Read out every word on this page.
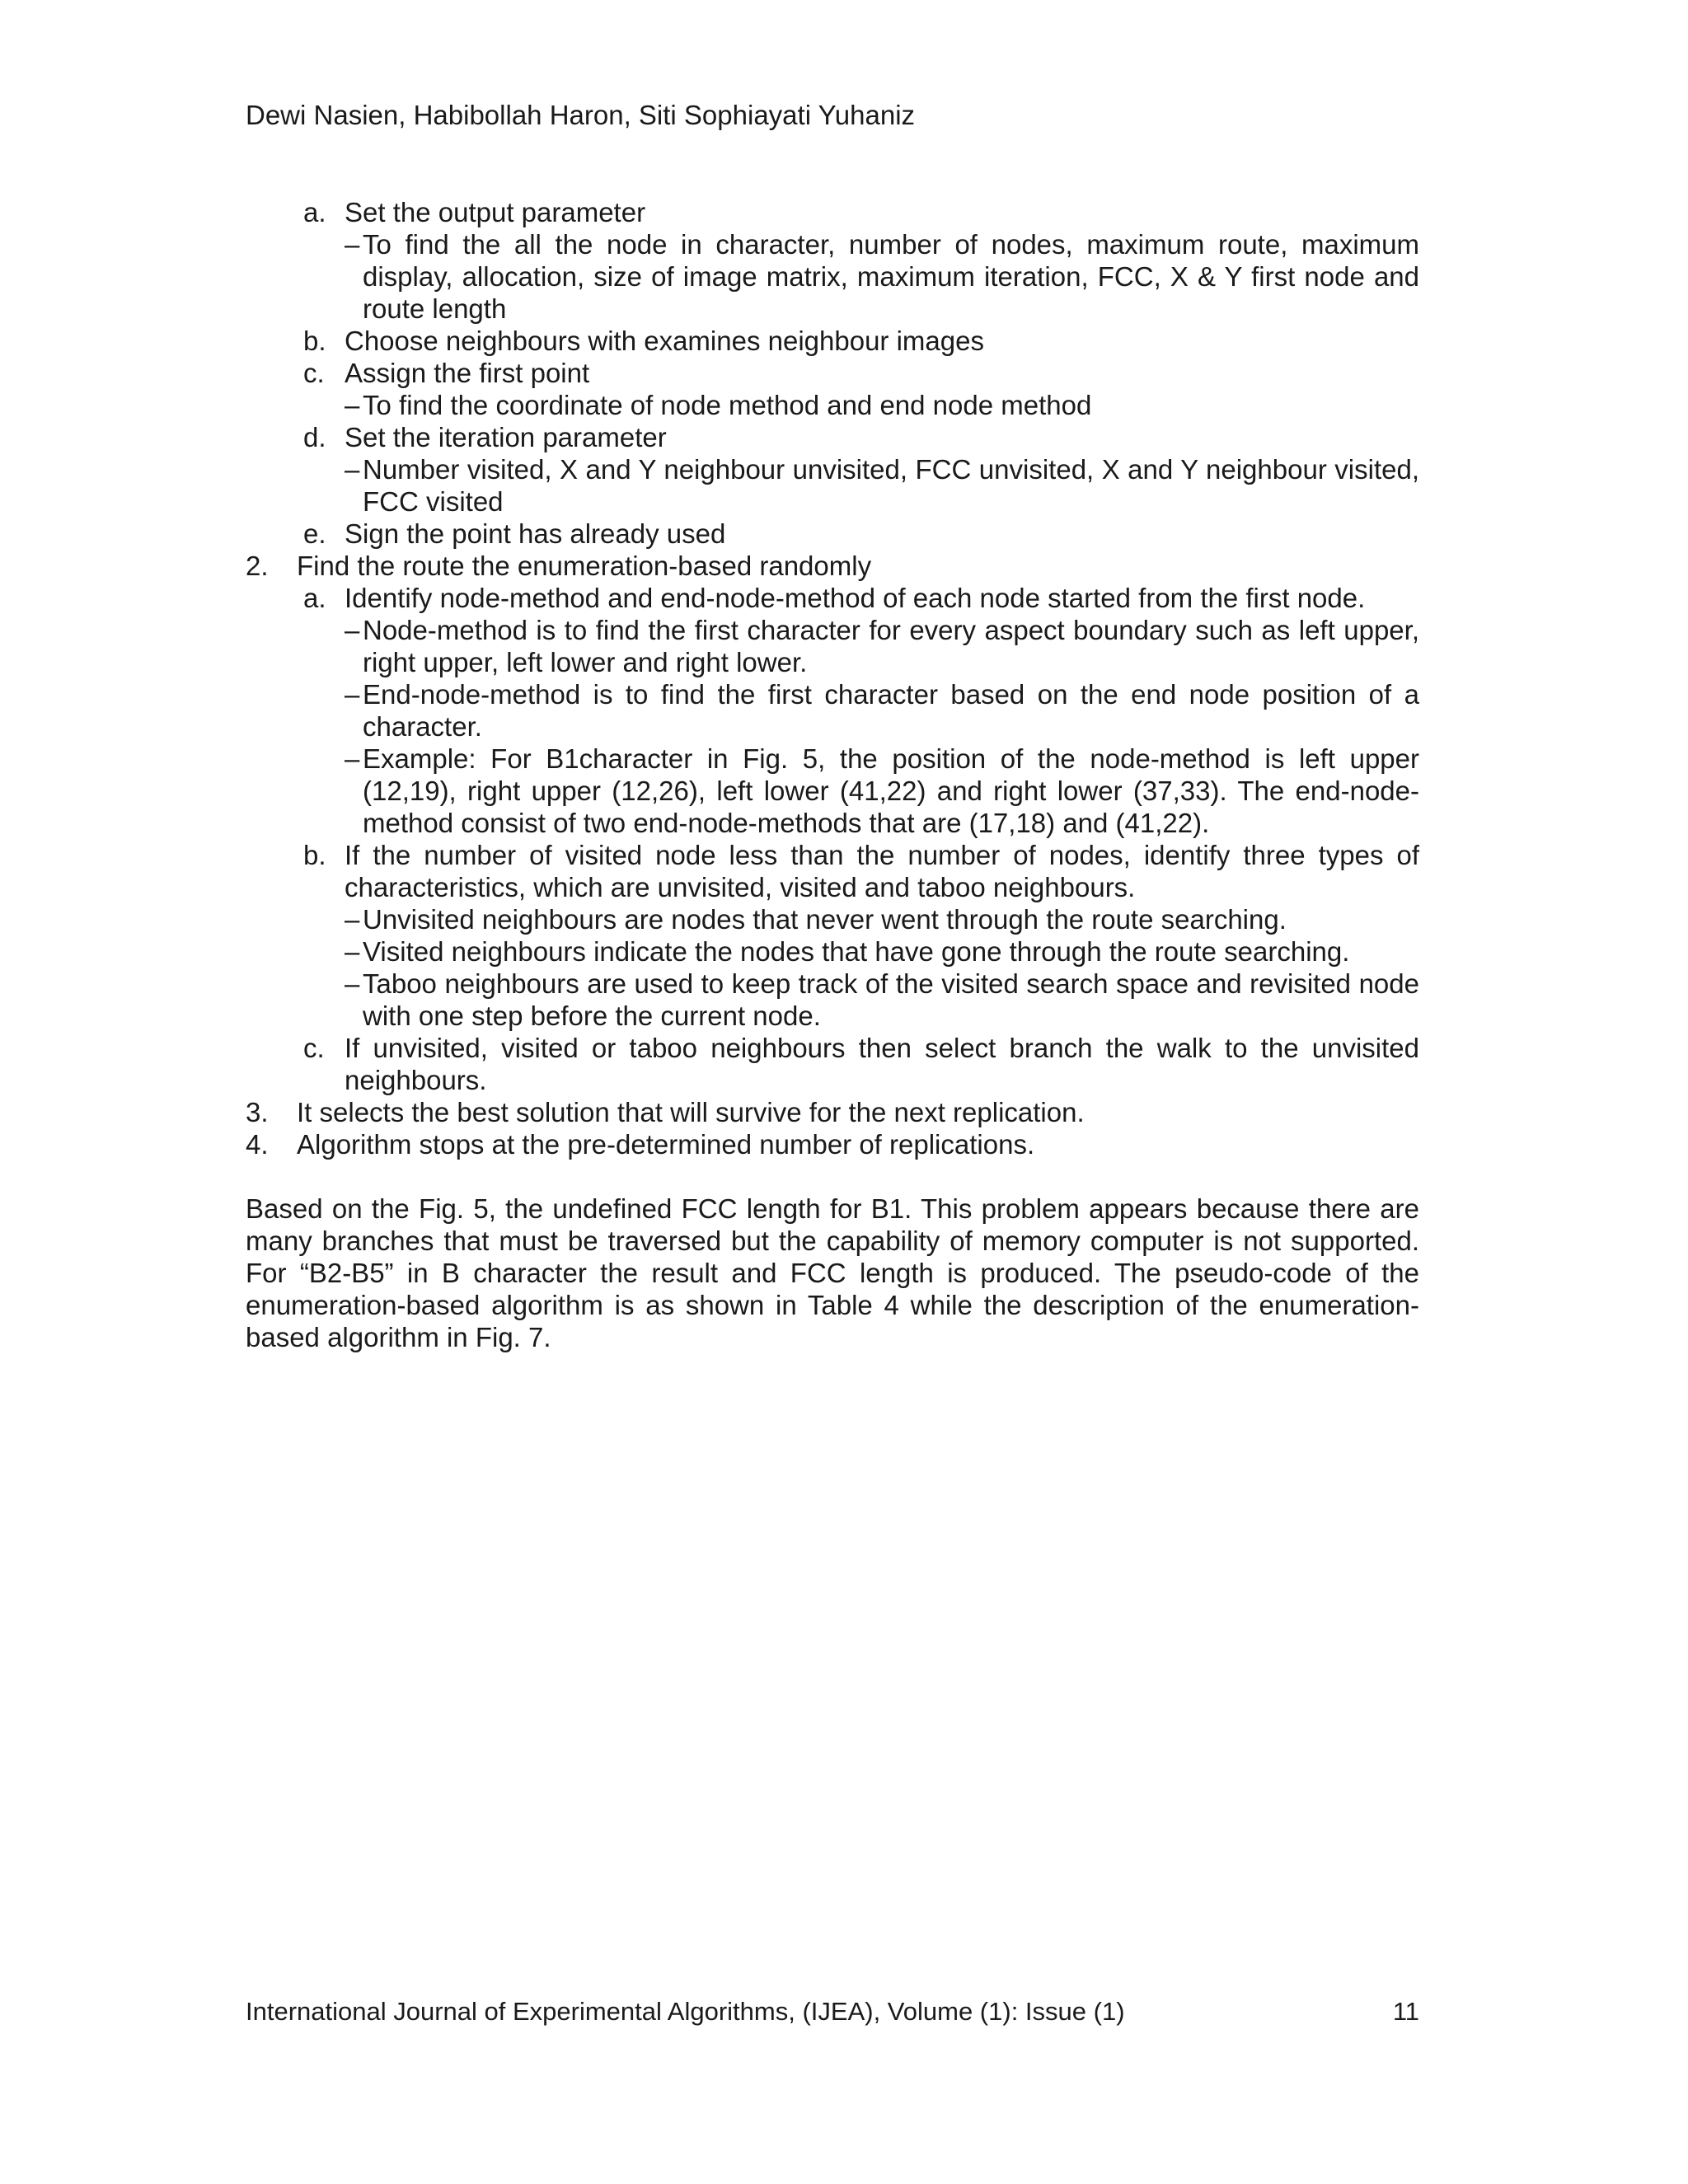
Dewi Nasien, Habibollah Haron, Siti Sophiayati Yuhaniz
a. Set the output parameter
– To find the all the node in character, number of nodes, maximum route, maximum display, allocation, size of image matrix, maximum iteration, FCC, X & Y first node and route length
b. Choose neighbours with examines neighbour images
c. Assign the first point
– To find the coordinate of node method and end node method
d. Set the iteration parameter
– Number visited, X and Y neighbour unvisited, FCC unvisited, X and Y neighbour visited, FCC visited
e. Sign the point has already used
2. Find the route the enumeration-based randomly
a. Identify node-method and end-node-method of each node started from the first node.
– Node-method is to find the first character for every aspect boundary such as left upper, right upper, left lower and right lower.
– End-node-method is to find the first character based on the end node position of a character.
– Example: For B1character in Fig. 5, the position of the node-method is left upper (12,19), right upper (12,26), left lower (41,22) and right lower (37,33). The end-node-method consist of two end-node-methods that are (17,18) and (41,22).
b. If the number of visited node less than the number of nodes, identify three types of characteristics, which are unvisited, visited and taboo neighbours.
– Unvisited neighbours are nodes that never went through the route searching.
– Visited neighbours indicate the nodes that have gone through the route searching.
– Taboo neighbours are used to keep track of the visited search space and revisited node with one step before the current node.
c. If unvisited, visited or taboo neighbours then select branch the walk to the unvisited neighbours.
3. It selects the best solution that will survive for the next replication.
4. Algorithm stops at the pre-determined number of replications.

Based on the Fig. 5, the undefined FCC length for B1. This problem appears because there are many branches that must be traversed but the capability of memory computer is not supported. For “B2-B5” in B character the result and FCC length is produced. The pseudo-code of the enumeration-based algorithm is as shown in Table 4 while the description of the enumeration-based algorithm in Fig. 7.

International Journal of Experimental Algorithms, (IJEA), Volume (1): Issue (1)	11
